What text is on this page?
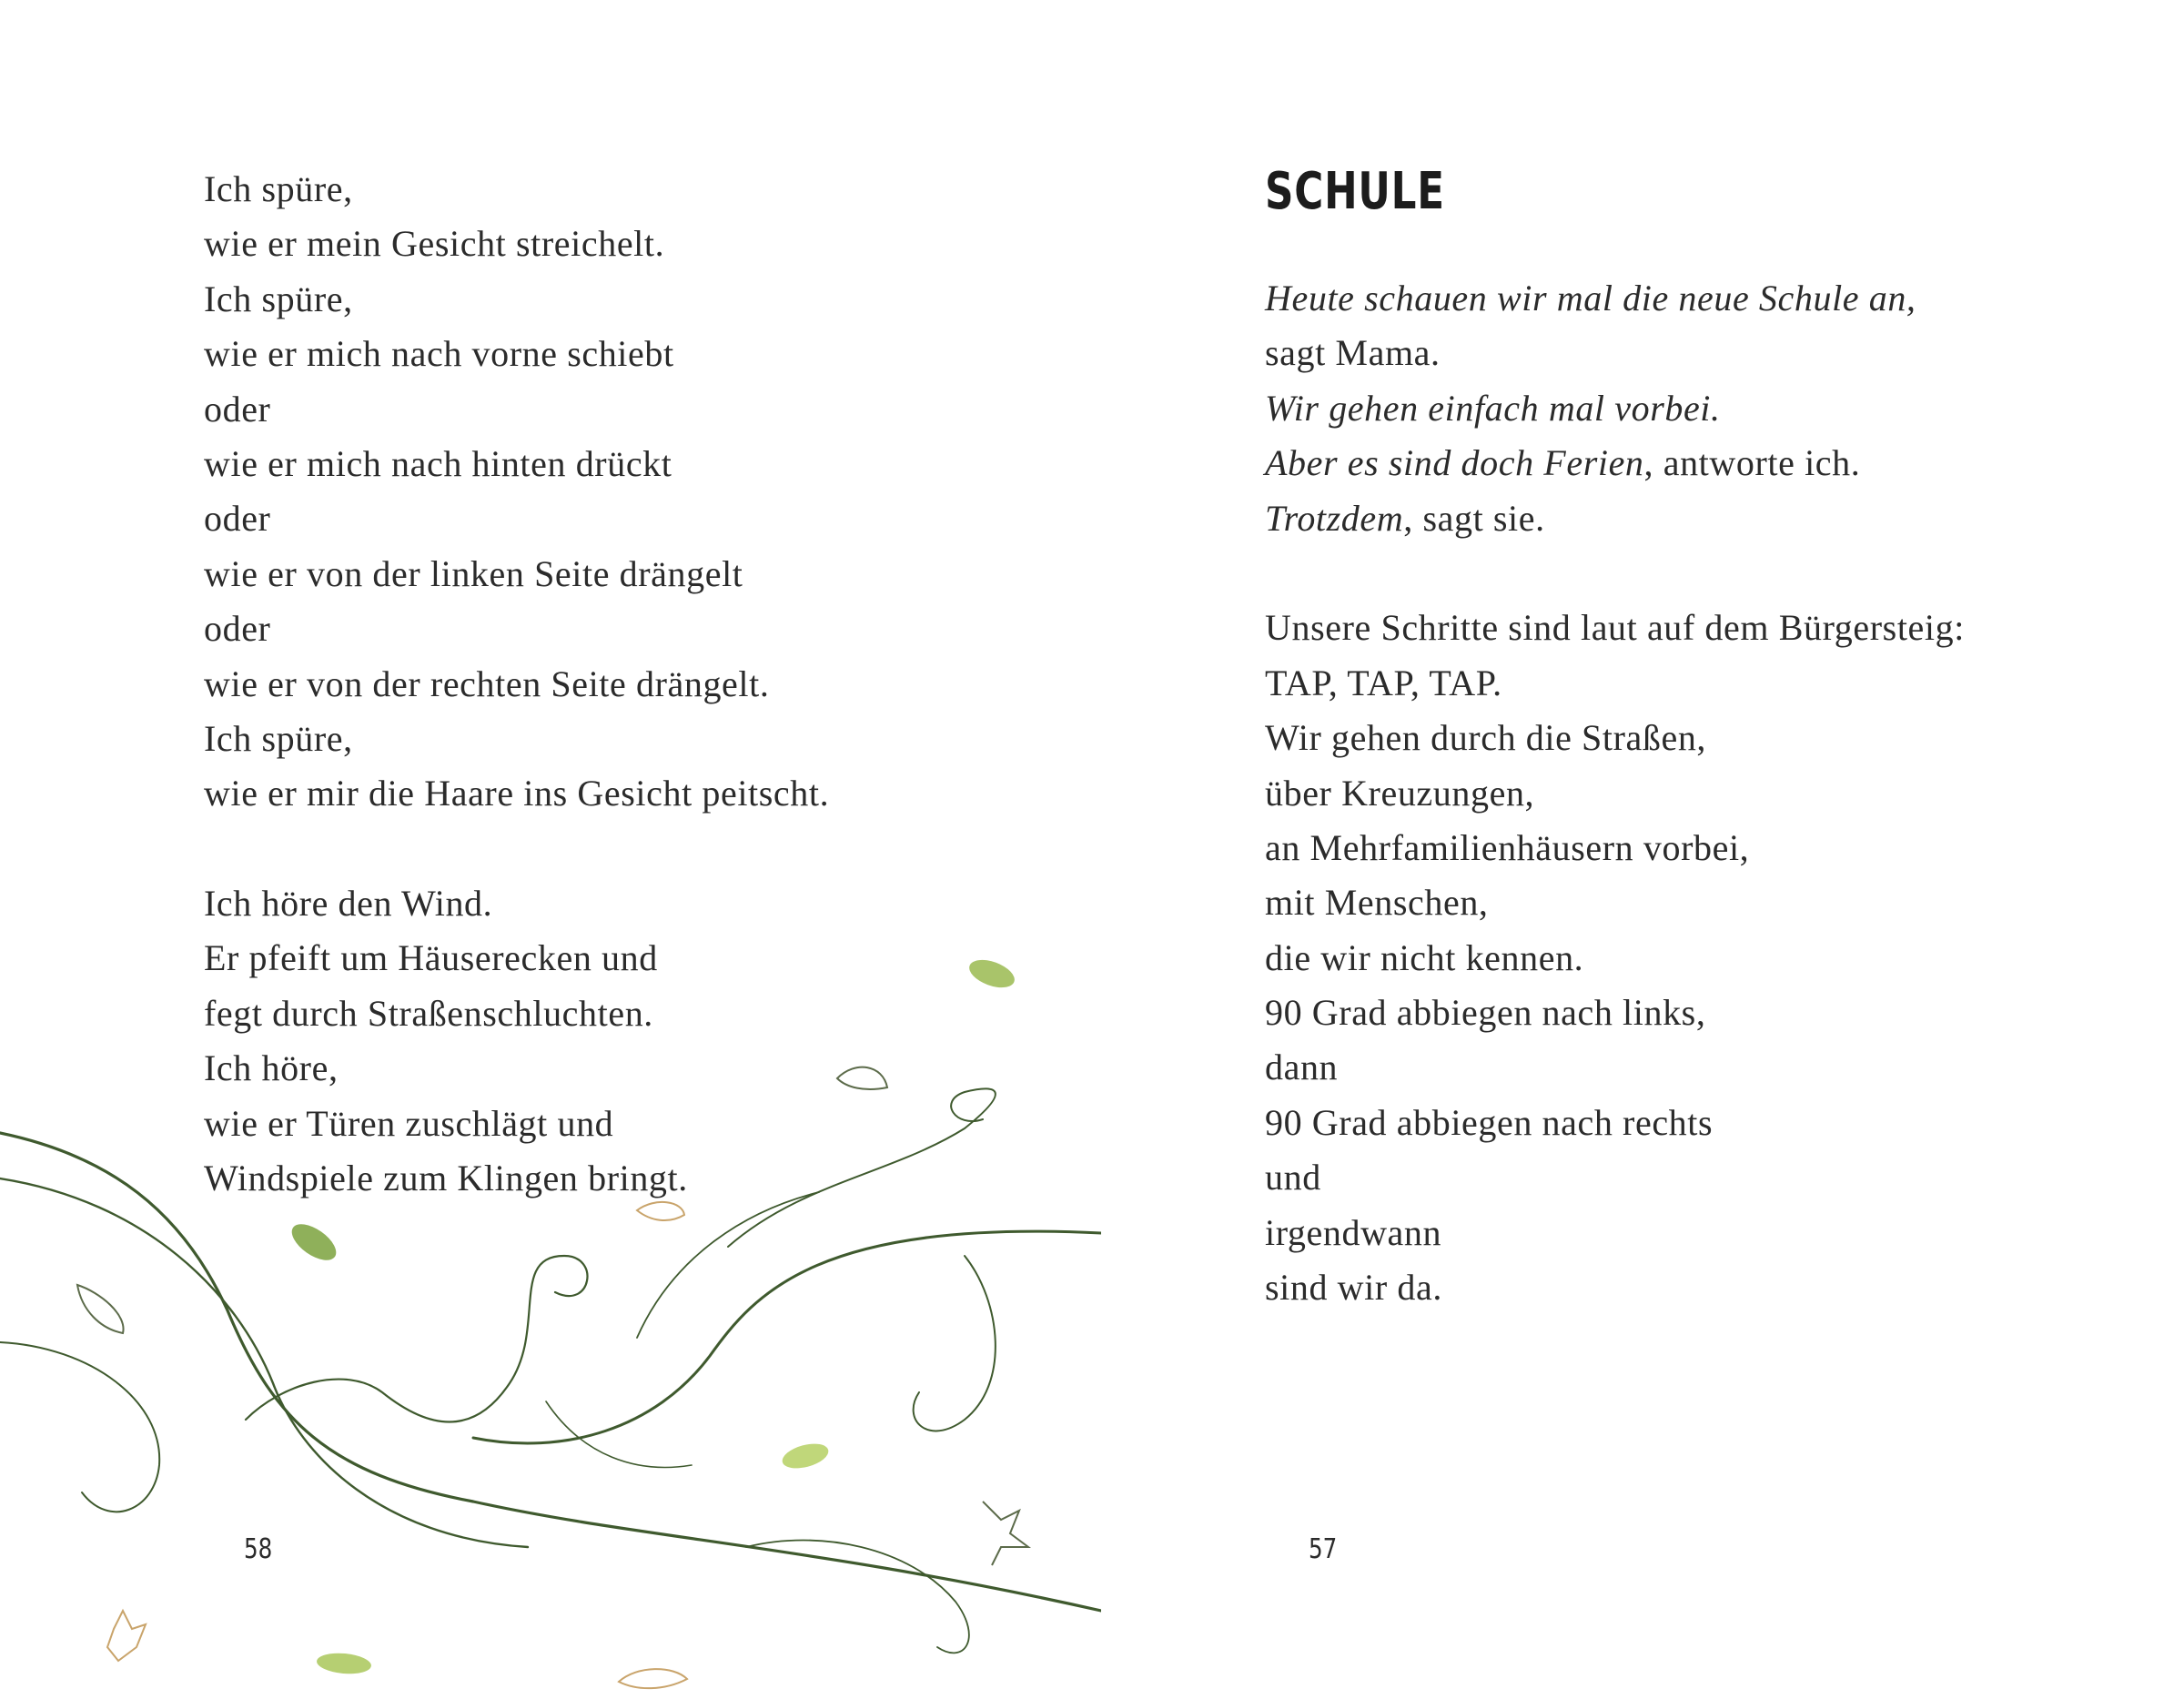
Ich spüre,
wie er mein Gesicht streichelt.
Ich spüre,
wie er mich nach vorne schiebt
oder
wie er mich nach hinten drückt
oder
wie er von der linken Seite drängelt
oder
wie er von der rechten Seite drängelt.
Ich spüre,
wie er mir die Haare ins Gesicht peitscht.
Ich höre den Wind.
Er pfeift um Häuserecken und
fegt durch Straßenschluchten.
Ich höre,
wie er Türen zuschlägt und
Windspiele zum Klingen bringt.
58
SCHULE
Heute schauen wir mal die neue Schule an,
sagt Mama.
Wir gehen einfach mal vorbei.
Aber es sind doch Ferien, antworte ich.
Trotzdem, sagt sie.
Unsere Schritte sind laut auf dem Bürgersteig:
TAP, TAP, TAP.
Wir gehen durch die Straßen,
über Kreuzungen,
an Mehrfamilienhäusern vorbei,
mit Menschen,
die wir nicht kennen.
90 Grad abbiegen nach links,
dann
90 Grad abbiegen nach rechts
und
irgendwann
sind wir da.
57
